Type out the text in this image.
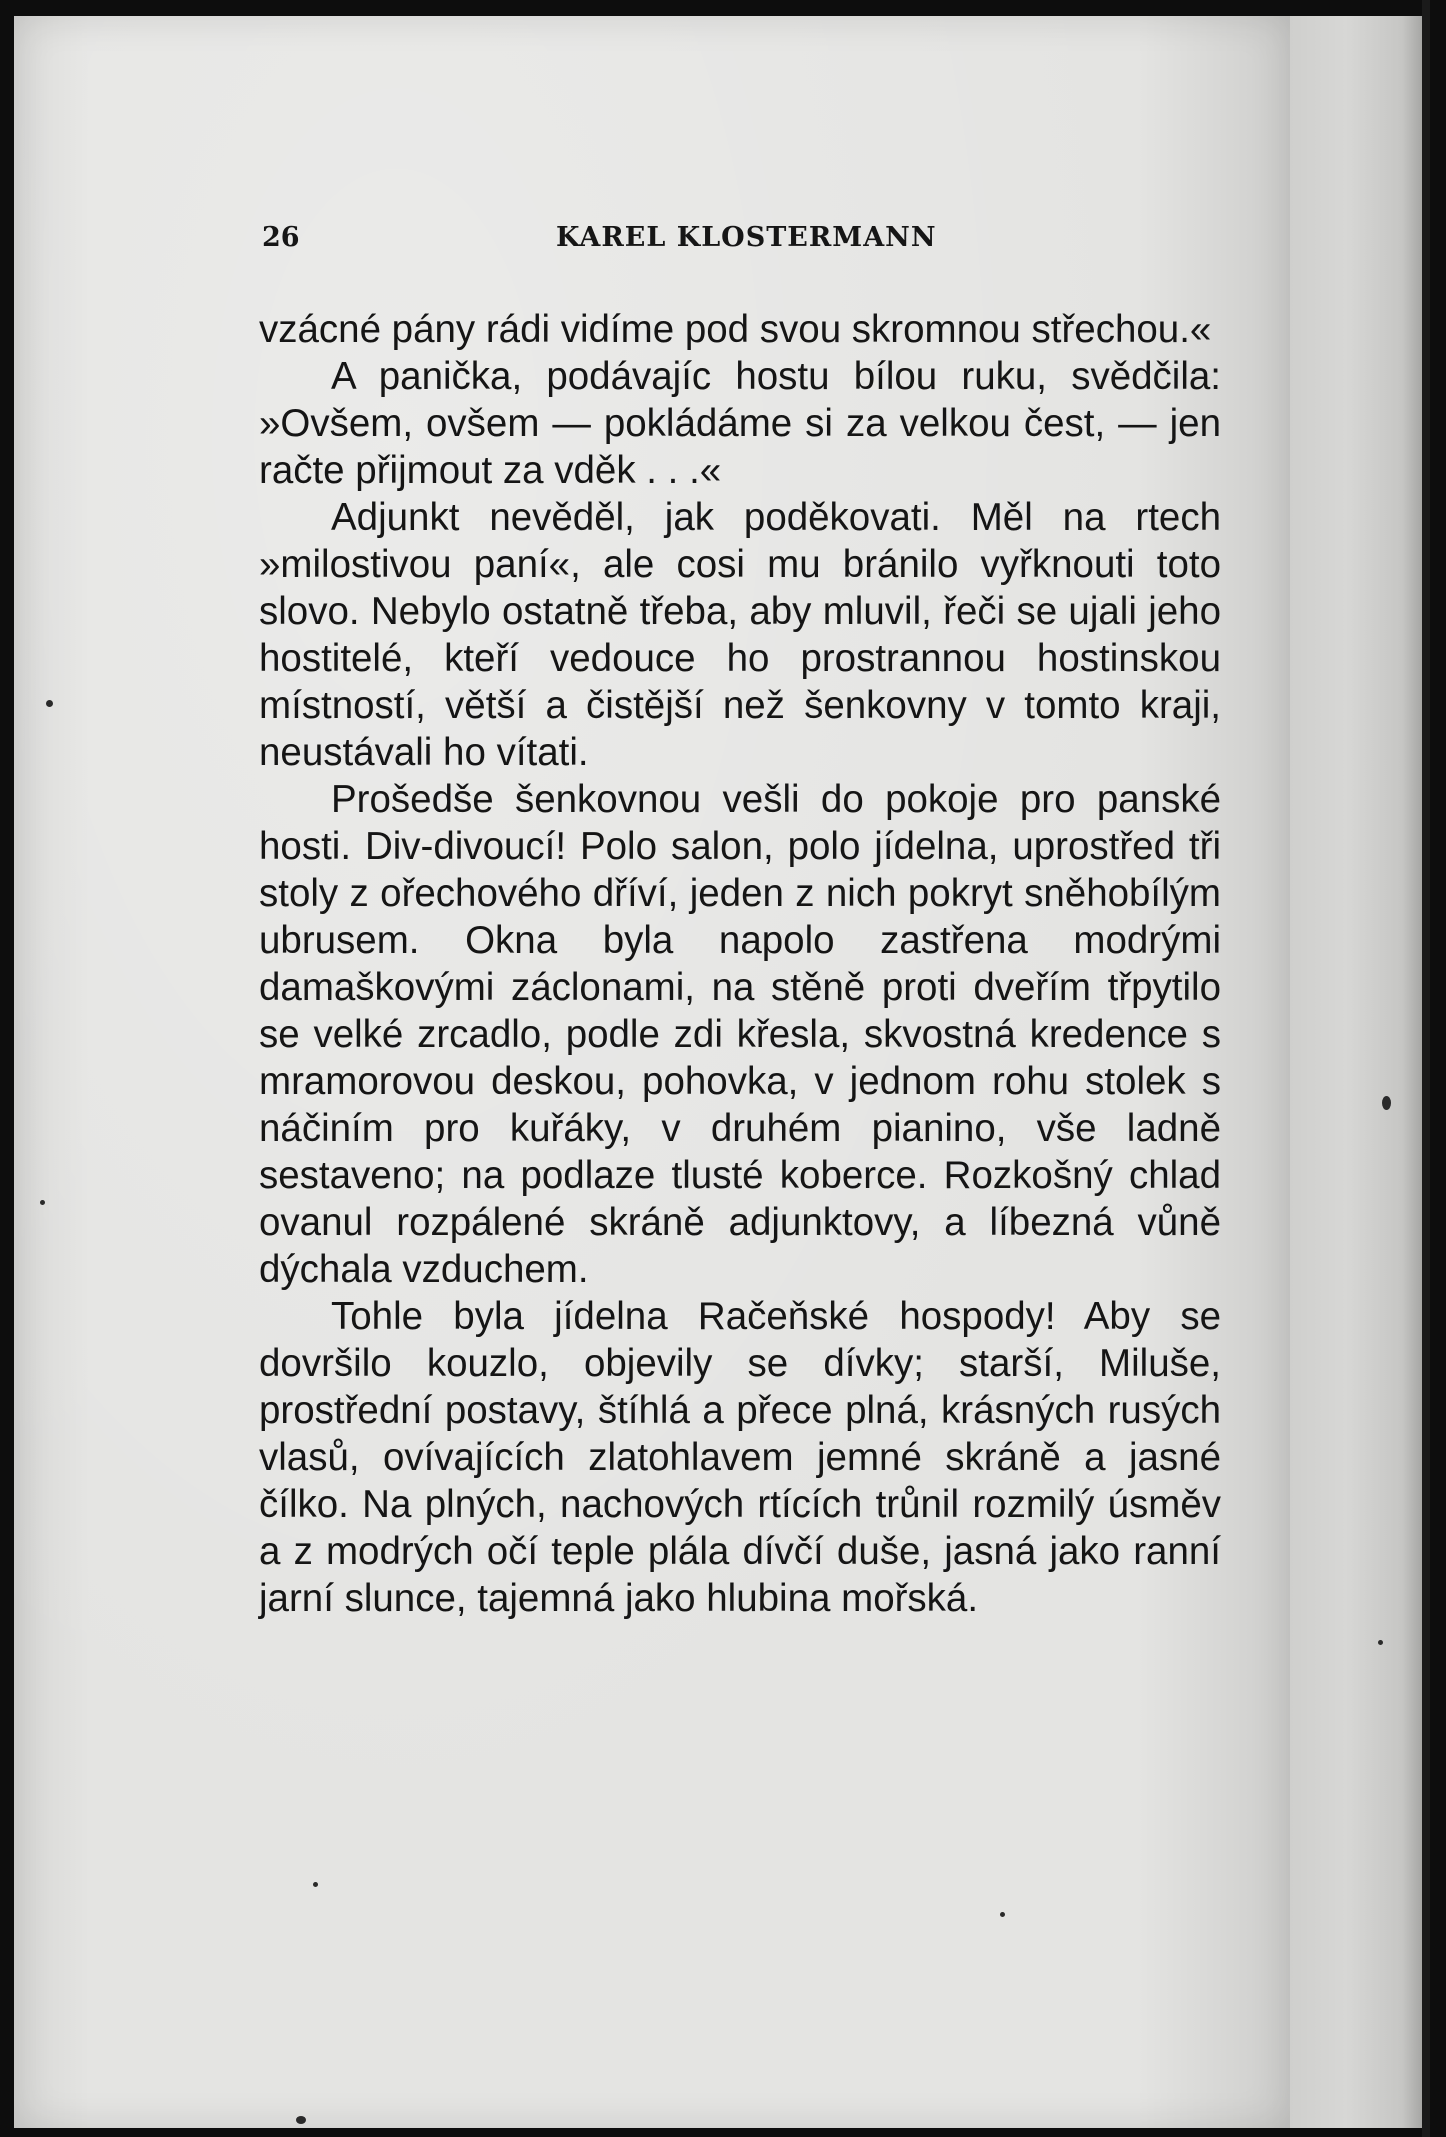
26	KAREL KLOSTERMANN

vzácné pány rádi vidíme pod svou skromnou střechou.«

A panička, podávajíc hostu bílou ruku, svědčila: »Ovšem, ovšem — pokládáme si za velkou čest, — jen račte přijmout za vděk . . .«

Adjunkt nevěděl, jak poděkovati. Měl na rtech »milostivou paní«, ale cosi mu bránilo vyřknouti toto slovo. Nebylo ostatně třeba, aby mluvil, řeči se ujali jeho hostitelé, kteří vedouce ho prostrannou hostinskou místností, větší a čistější než šenkovny v tomto kraji, neustávali ho vítati.

Prošedše šenkovnou vešli do pokoje pro panské hosti. Div-divoucí! Polo salon, polo jídelna, uprostřed tři stoly z ořechového dříví, jeden z nich pokryt sněhobílým ubrusem. Okna byla napolo zastřena modrými damaškovými záclonami, na stěně proti dveřím třpytilo se velké zrcadlo, podle zdi křesla, skvostná kredence s mramorovou deskou, pohovka, v jednom rohu stolek s náčiním pro kuřáky, v druhém pianino, vše ladně sestaveno; na podlaze tlusté koberce. Rozkošný chlad ovanul rozpálené skráně adjunktovy, a líbezná vůně dýchala vzduchem.

Tohle byla jídelna Račeňské hospody! Aby se dovršilo kouzlo, objevily se dívky; starší, Miluše, prostřední postavy, štíhlá a přece plná, krásných rusých vlasů, ovívajících zlatohlavem jemné skráně a jasné čílko. Na plných, nachových rtících trůnil rozmilý úsměv a z modrých očí teple plála dívčí duše, jasná jako ranní jarní slunce, tajemná jako hlubina mořská.
